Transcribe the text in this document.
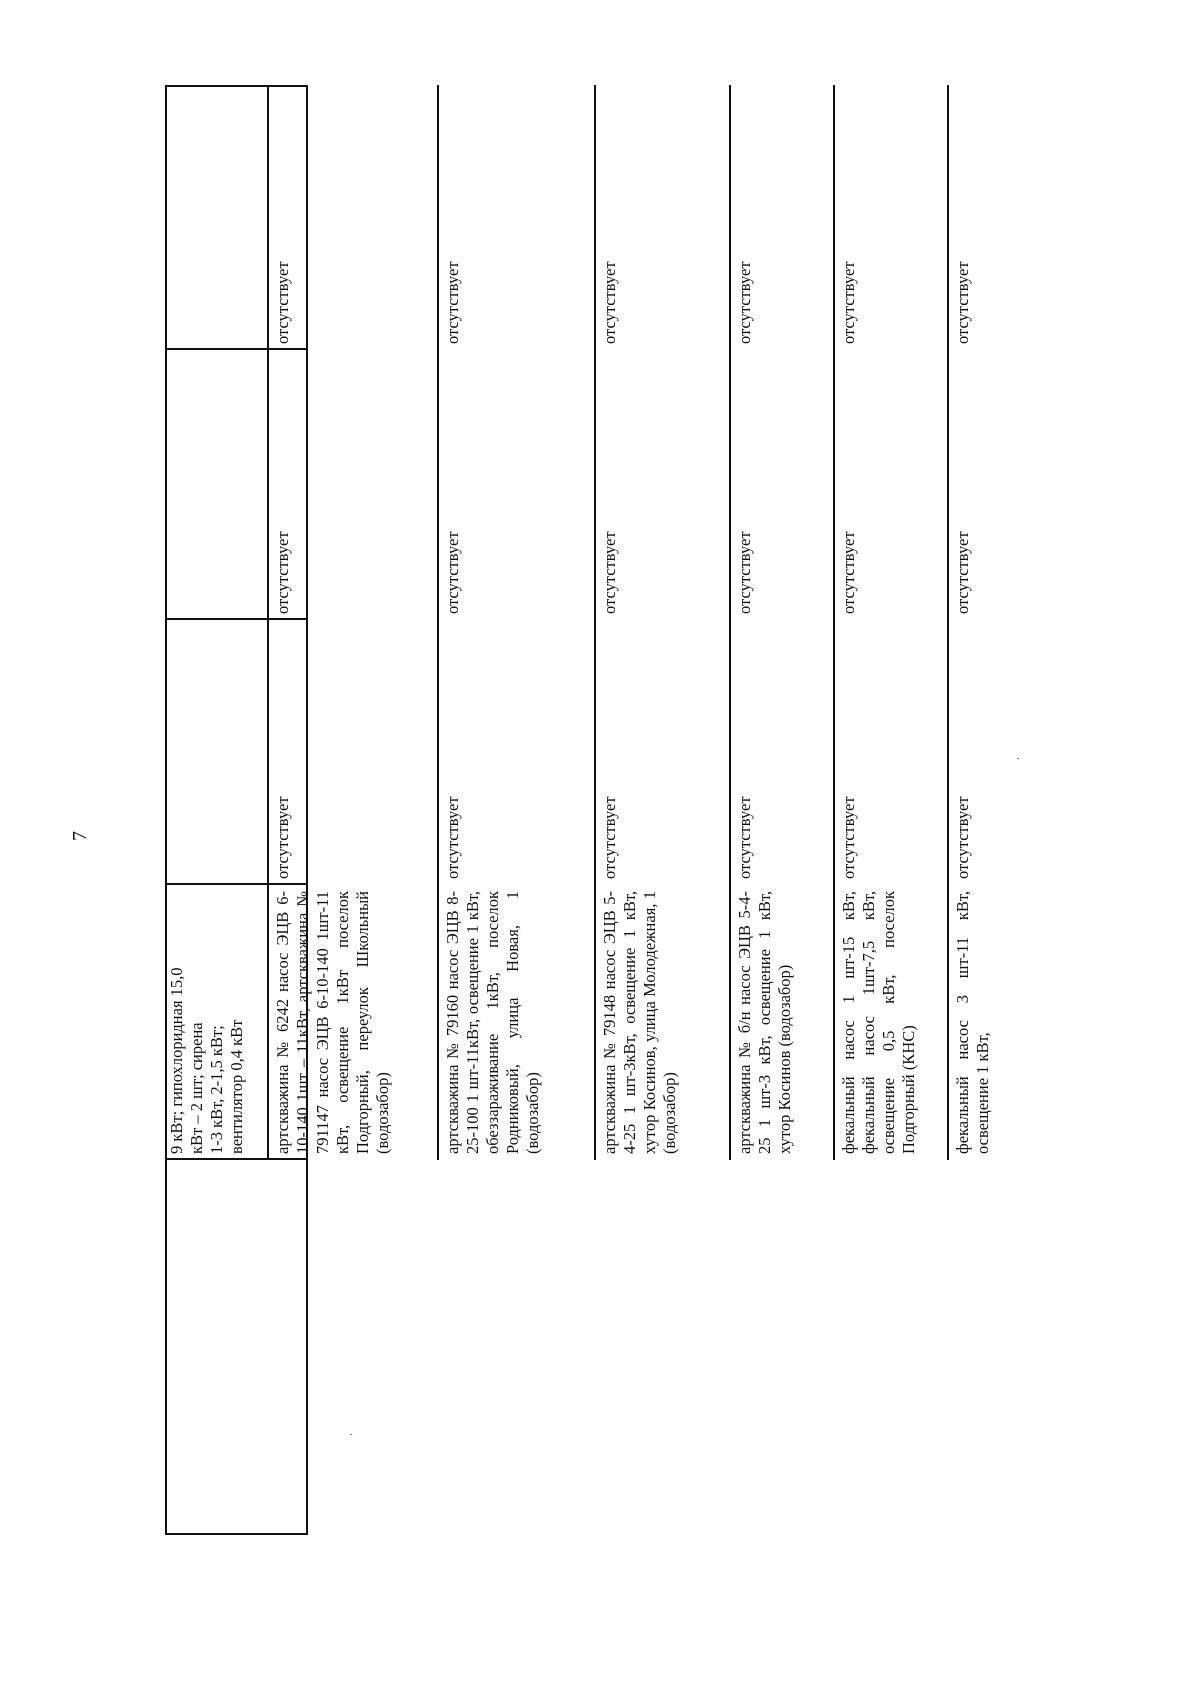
7
9 кВт; гипохлоридная 15,0 кВт – 2 шт; сирена 1-3 кВт, 2-1,5 кВт; вентилятор 0,4 кВт артскважина № 6242 насос ЭЦВ 6-10-140 1шт – 11кВт, артскважина № 791147 насос ЭЦВ 6-10-140 1шт-11 кВт, освещение 1кВт поселок Подгорный, переулок Школьный (водозабор)
отсутствует
отсутствует
отсутствует
артскважина № 79160 насос ЭЦВ 8-25-100 1 шт-11кВт, освещение 1 кВт, обеззараживание 1кВт, поселок Родниковый, улица Новая, 1 (водозабор)
отсутствует
отсутствует
отсутствует
артскважина № 79148 насос ЭЦВ 5-4-25 1 шт-3кВт, освещение 1 кВт, хутор Косинов, улица Молодежная, 1 (водозабор)
отсутствует
отсутствует
отсутствует
артскважина № б/н насос ЭЦВ 5-4-25 1 шт-3 кВт, освещение 1 кВт, хутор Косинов (водозабор)
отсутствует
отсутствует
отсутствует
фекальный насос 1 шт-15 кВт, фекальный насос 1шт-7,5 кВт, освещение 0,5 кВт, поселок Подгорный (КНС)
отсутствует
отсутствует
отсутствует
фекальный насос 3 шт-11 кВт, освещение 1 кВт,
отсутствует
отсутствует
отсутствует
